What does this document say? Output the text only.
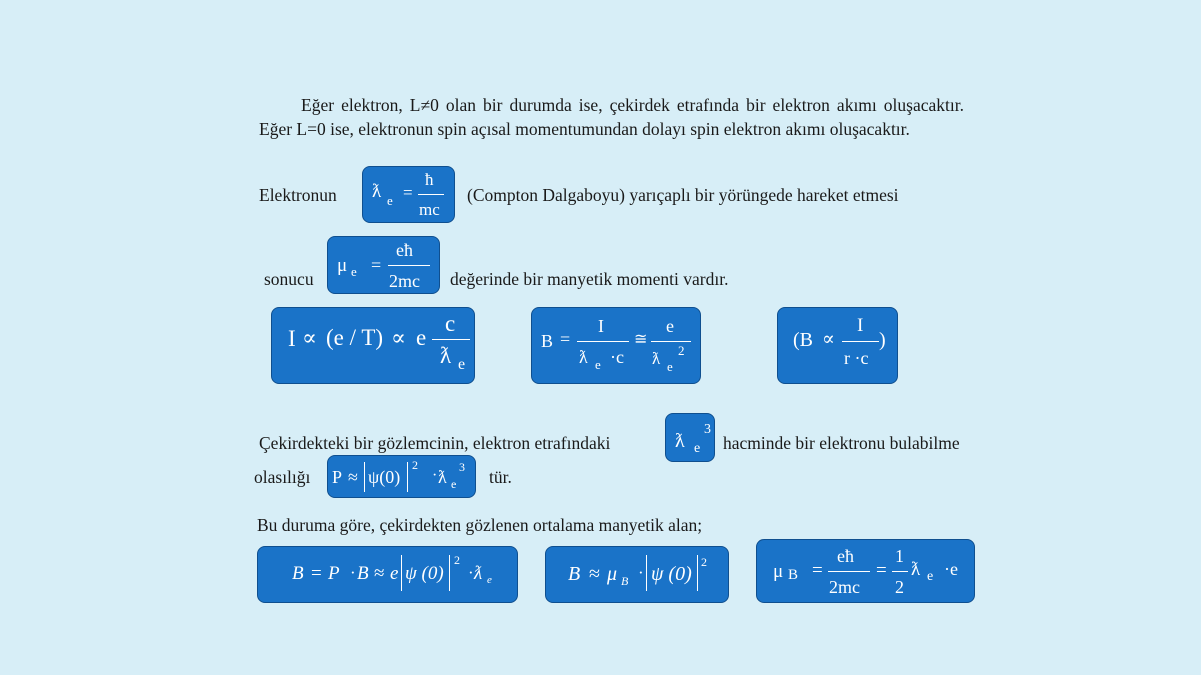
Eğer elektron, L≠0 olan bir durumda ise, çekirdek etrafında bir elektron akımı oluşacaktır. Eğer L=0 ise, elektronun spin açısal momentumundan dolayı spin elektron akımı oluşacaktır.

Elektronun ƛ e =
ħ
mc
(Compton Dalgaboyu) yarıçaplı bir yörüngede hareket etmesi
sonucu
μ e =
eħ
2mc değerinde bir manyetik momenti vardır.
I ∝ (e / T) ∝ e
c
ƛ e
B =
I
ƛ e ·c
≅
e
ƛ e
2	(B ∝
I
r ·c
)
Çekirdekteki bir gözlemcinin, elektron etrafındaki	ƛ e
3
hacminde bir elektronu bulabilme
olasılığı P ≈ ψ(0)
2
· ƛ e
3 tür.
Bu duruma göre, çekirdekten gözlenen ortalama manyetik alan;
B = P · B ≈ e ψ (0)
2
· ƛ e	B ≈ μ B · ψ (0)
2	μ B =
eħ
2mc
=
1
2
ƛ e ·e
